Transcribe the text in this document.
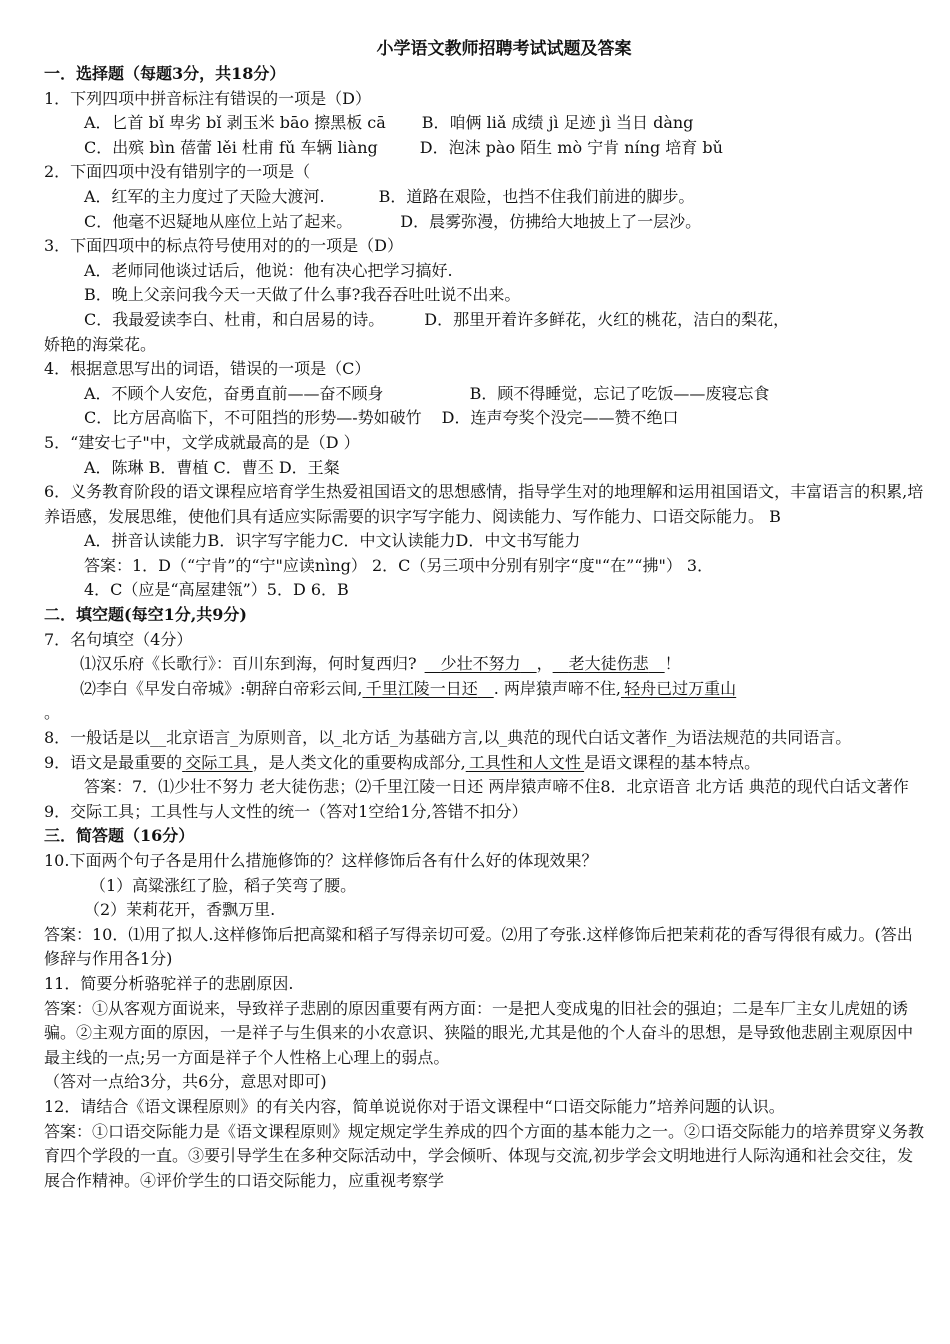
小学语文教师招聘考试试题及答案
一．选择题（每题3分，共18分）
1．下列四项中拼音标注有错误的一项是（D）
A．匕首 bǐ 卑劣 bǐ 剥玉米 bāo 擦黑板 cā B．咱俩 liǎ 成绩 jì 足迹 jì 当日 dàng
C．出殡 bìn 蓓蕾 lěi 杜甫 fǔ 车辆 liàng	D．泡沫 pào 陌生 mò 宁肯 níng 培育 bǔ
2．下面四项中没有错别字的一项是（
A．红军的主力度过了天险大渡河.	B．道路在艰险，也挡不住我们前进的脚步。
C．他毫不迟疑地从座位上站了起来。	D．晨雾弥漫，仿拂给大地披上了一层沙。
3．下面四项中的标点符号使用对的的一项是（D）
A．老师同他谈过话后，他说：他有决心把学习搞好.
B．晚上父亲问我今天一天做了什么事?我吞吞吐吐说不出来。
C．我最爱读李白、杜甫，和白居易的诗。	D．那里开着许多鲜花，火红的桃花，洁白的梨花，
娇艳的海棠花。
4．根据意思写出的词语，错误的一项是（C）
A．不顾个人安危，奋勇直前——奋不顾身	B．顾不得睡觉，忘记了吃饭——废寝忘食
C．比方居高临下，不可阻挡的形势—-势如破竹 D．连声夸奖个没完——赞不绝口
5．“建安七子"中，文学成就最高的是（D ）
A．陈琳 B．曹植 C．曹丕 D．王粲
6．义务教育阶段的语文课程应培育学生热爱祖国语文的思想感情，指导学生对的地理解和运用祖国语文，丰富语言的积累,培养语感，发展思维，使他们具有适应实际需要的识字写字能力、阅读能力、写作能力、口语交际能力。 B
A．拼音认读能力B．识字写字能力C．中文认读能力D．中文书写能力
答案：1．D（“宁肯”的“宁"应读nìng） 2．C（另三项中分别有别字“度"“在”“拂"） 3．
4．C（应是“高屋建瓴”）5．D 6．B
二．填空题(每空1分,共9分)
7．名句填空（4分）
⑴汉乐府《长歌行》：百川东到海，何时复西归?  少壮不努力  ，  老大徒伤悲  ！
⑵李白《早发白帝城》:朝辞白帝彩云间,  千里江陵一日还  . 两岸猿声啼不住,  轻舟已过万重山
。
8．一般话是以__北京语言_为原则音，以_北方话_为基础方言,以_典范的现代白话文著作_为语法规范的共同语言。
9．语文是最重要的  交际工具  ，是人类文化的重要构成部分,  工具性和人文性  是语文课程的基本特点。
答案：7．⑴少壮不努力 老大徒伤悲；⑵千里江陵一日还 两岸猿声啼不住8．北京语音 北方话 典范的现代白话文著作9．交际工具；工具性与人文性的统一（答对1空给1分,答错不扣分）
三．简答题（16分）
10.下面两个句子各是用什么措施修饰的？这样修饰后各有什么好的体现效果？
（1）高粱涨红了脸，稻子笑弯了腰。
（2）茉莉花开，香飘万里.
答案：10．⑴用了拟人.这样修饰后把高粱和稻子写得亲切可爱。⑵用了夸张.这样修饰后把茉莉花的香写得很有威力。(答出修辞与作用各1分)
11．简要分析骆驼祥子的悲剧原因.
答案：①从客观方面说来，导致祥子悲剧的原因重要有两方面：一是把人变成鬼的旧社会的强迫；二是车厂主女儿虎妞的诱骗。②主观方面的原因，一是祥子与生俱来的小农意识、狭隘的眼光,尤其是他的个人奋斗的思想，是导致他悲剧主观原因中最主线的一点;另一方面是祥子个人性格上心理上的弱点。
（答对一点给3分，共6分，意思对即可)
12．请结合《语文课程原则》的有关内容，简单说说你对于语文课程中“口语交际能力”培养问题的认识。
答案：①口语交际能力是《语文课程原则》规定规定学生养成的四个方面的基本能力之一。②口语交际能力的培养贯穿义务教育四个学段的一直。③要引导学生在多种交际活动中，学会倾听、体现与交流,初步学会文明地进行人际沟通和社会交往，发展合作精神。④评价学生的口语交际能力，应重视考察学
